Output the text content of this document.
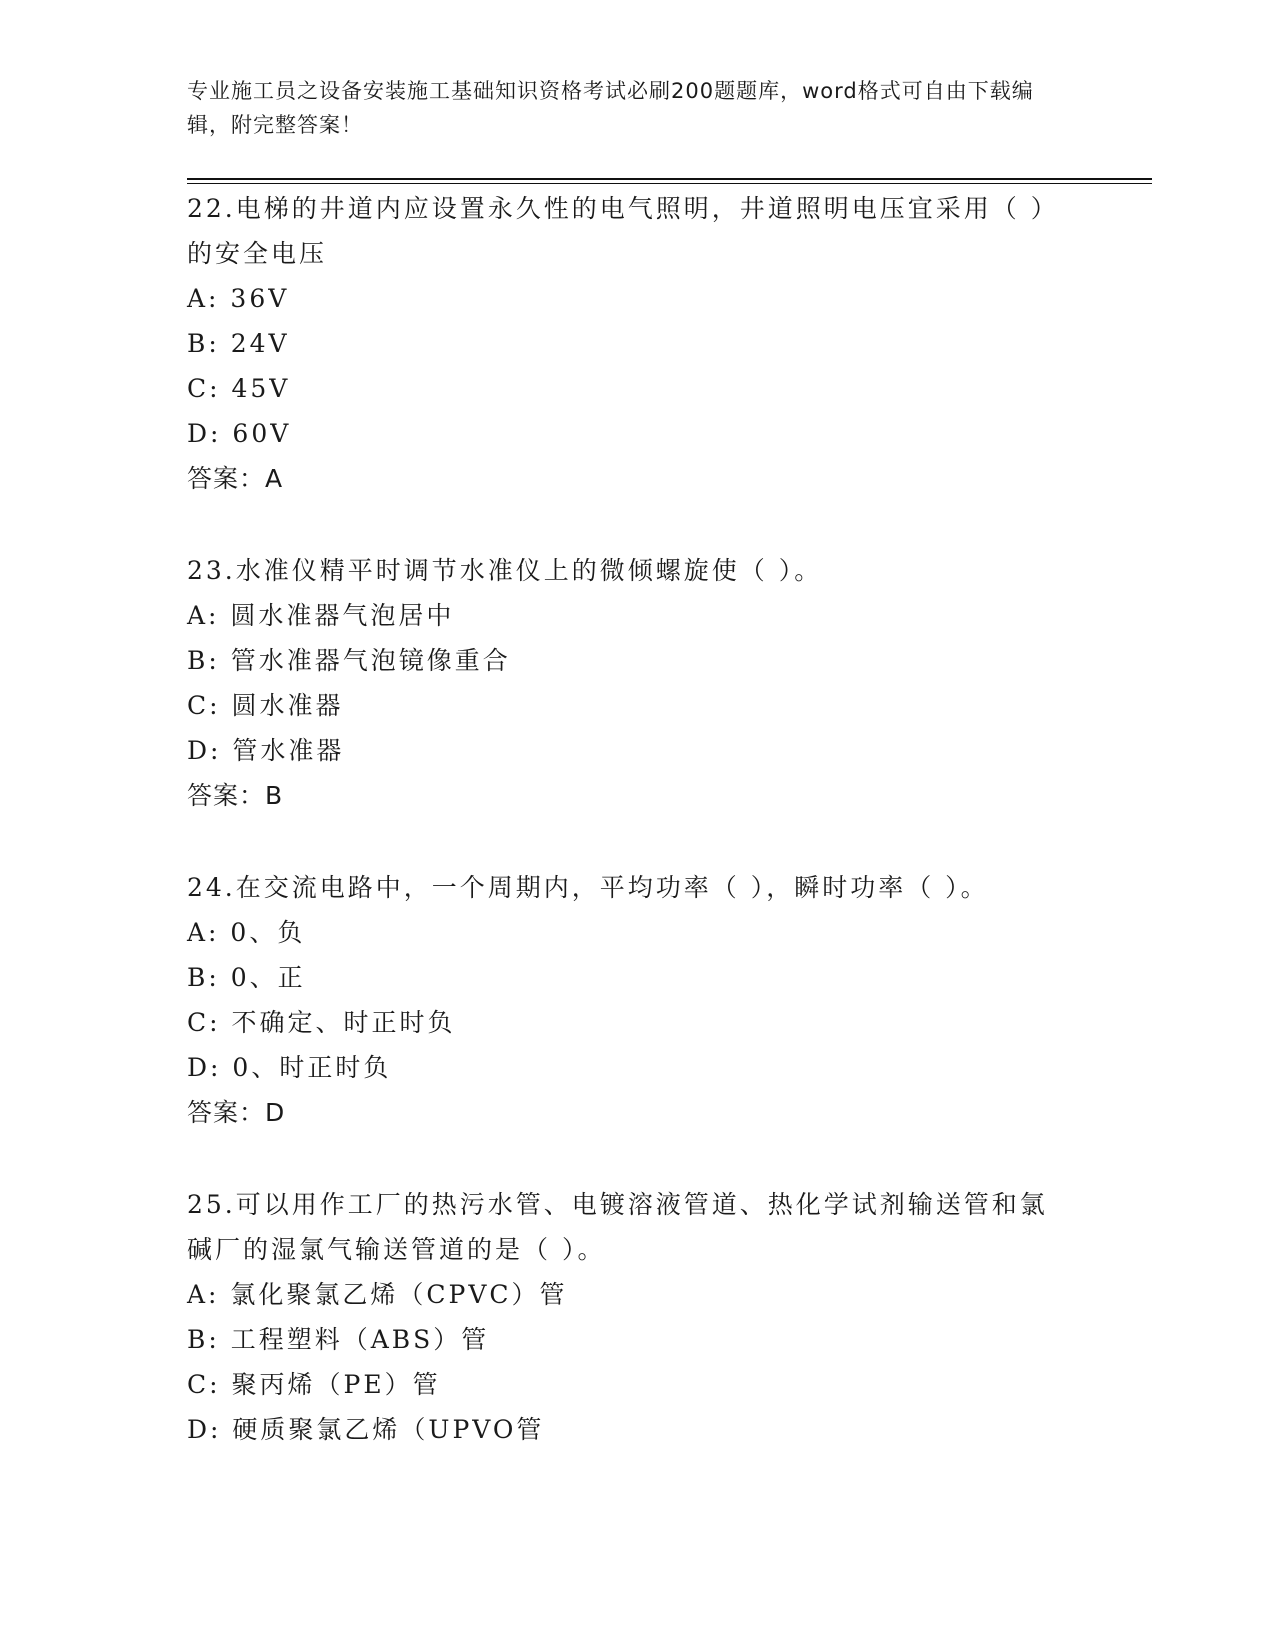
专业施工员之设备安装施工基础知识资格考试必刷200题题库，word格式可自由下载编辑，附完整答案！
22.电梯的井道内应设置永久性的电气照明，井道照明电压宜采用（ ）的安全电压
A: 36V
B: 24V
C: 45V
D: 60V
答案：A
23.水准仪精平时调节水准仪上的微倾螺旋使（ ）。
A: 圆水准器气泡居中
B: 管水准器气泡镜像重合
C: 圆水准器
D: 管水准器
答案：B
24.在交流电路中，一个周期内，平均功率（ ），瞬时功率（ ）。
A: 0、负
B: 0、正
C: 不确定、时正时负
D: 0、时正时负
答案：D
25.可以用作工厂的热污水管、电镀溶液管道、热化学试剂输送管和氯碱厂的湿氯气输送管道的是（ ）。
A: 氯化聚氯乙烯（CPVC）管
B: 工程塑料（ABS）管
C: 聚丙烯（PE）管
D: 硬质聚氯乙烯（UPVO管
